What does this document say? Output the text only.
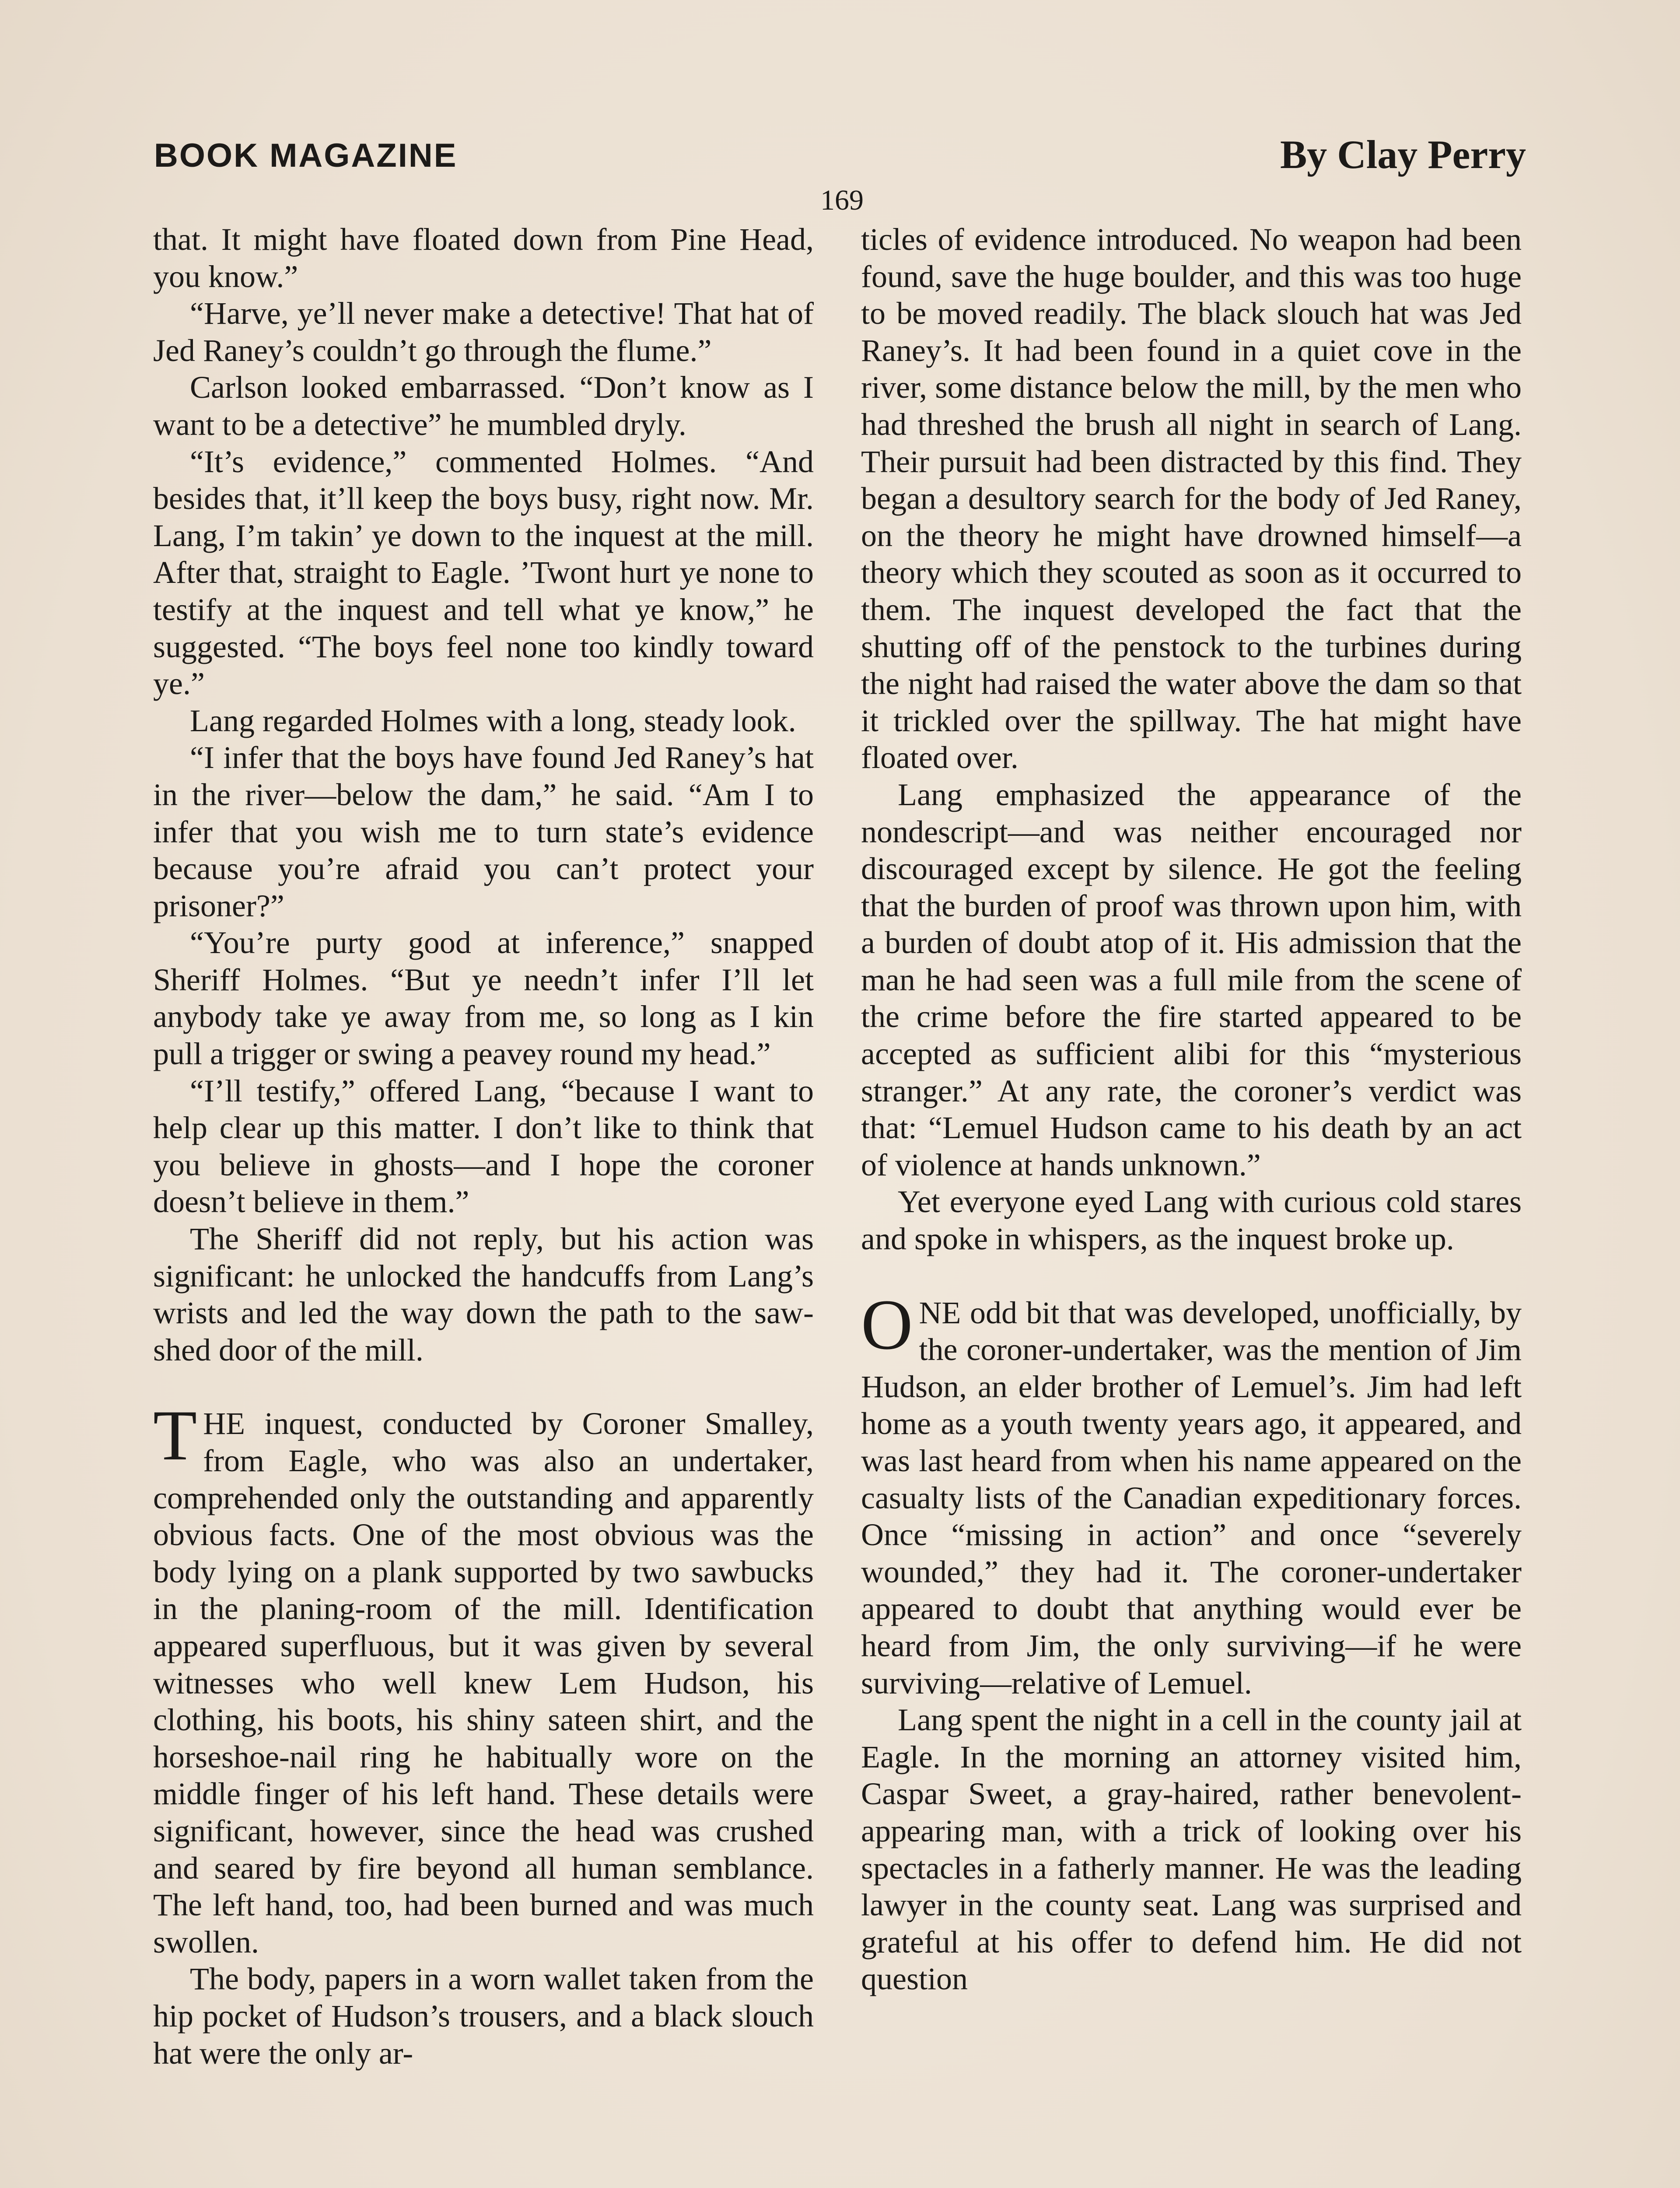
BOOK MAGAZINE	By Clay Perry
169

that. It might have floated down from Pine Head, you know.”

“Harve, ye’ll never make a detective! That hat of Jed Raney’s couldn’t go through the flume.”

Carlson looked embarrassed. “Don’t know as I want to be a detective” he mumbled dryly.

“It’s evidence,” commented Holmes. “And besides that, it’ll keep the boys busy, right now. Mr. Lang, I’m takin’ ye down to the inquest at the mill. After that, straight to Eagle. ’Twont hurt ye none to testify at the inquest and tell what ye know,” he suggested. “The boys feel none too kindly toward ye.”

Lang regarded Holmes with a long, steady look.

“I infer that the boys have found Jed Raney’s hat in the river—below the dam,” he said. “Am I to infer that you wish me to turn state’s evidence because you’re afraid you can’t protect your prisoner?”

“You’re purty good at inference,” snapped Sheriff Holmes. “But ye needn’t infer I’ll let anybody take ye away from me, so long as I kin pull a trigger or swing a peavey round my head.”

“I’ll testify,” offered Lang, “because I want to help clear up this matter. I don’t like to think that you believe in ghosts—and I hope the coroner doesn’t believe in them.”

The Sheriff did not reply, but his action was significant: he unlocked the handcuffs from Lang’s wrists and led the way down the path to the saw-shed door of the mill.

THE inquest, conducted by Coroner Smalley, from Eagle, who was also an undertaker, comprehended only the outstanding and apparently obvious facts. One of the most obvious was the body lying on a plank supported by two sawbucks in the planing-room of the mill. Identification appeared superfluous, but it was given by several witnesses who well knew Lem Hudson, his clothing, his boots, his shiny sateen shirt, and the horseshoe-nail ring he habitually wore on the middle finger of his left hand. These details were significant, however, since the head was crushed and seared by fire beyond all human semblance. The left hand, too, had been burned and was much swollen.

The body, papers in a worn wallet taken from the hip pocket of Hudson’s trousers, and a black slouch hat were the only ar-

ticles of evidence introduced. No weapon had been found, save the huge boulder, and this was too huge to be moved readily. The black slouch hat was Jed Raney’s. It had been found in a quiet cove in the river, some distance below the mill, by the men who had threshed the brush all night in search of Lang. Their pursuit had been distracted by this find. They began a desultory search for the body of Jed Raney, on the theory he might have drowned himself—a theory which they scouted as soon as it occurred to them. The inquest developed the fact that the shutting off of the penstock to the turbines during the night had raised the water above the dam so that it trickled over the spillway. The hat might have floated over.

Lang emphasized the appearance of the nondescript—and was neither encouraged nor discouraged except by silence. He got the feeling that the burden of proof was thrown upon him, with a burden of doubt atop of it. His admission that the man he had seen was a full mile from the scene of the crime before the fire started appeared to be accepted as sufficient alibi for this “mysterious stranger.” At any rate, the coroner’s verdict was that: “Lemuel Hudson came to his death by an act of violence at hands unknown.”

Yet everyone eyed Lang with curious cold stares and spoke in whispers, as the inquest broke up.

ONE odd bit that was developed, unofficially, by the coroner-undertaker, was the mention of Jim Hudson, an elder brother of Lemuel’s. Jim had left home as a youth twenty years ago, it appeared, and was last heard from when his name appeared on the casualty lists of the Canadian expeditionary forces. Once “missing in action” and once “severely wounded,” they had it. The coroner-undertaker appeared to doubt that anything would ever be heard from Jim, the only surviving—if he were surviving—relative of Lemuel.

Lang spent the night in a cell in the county jail at Eagle. In the morning an attorney visited him, Caspar Sweet, a gray-haired, rather benevolent-appearing man, with a trick of looking over his spectacles in a fatherly manner. He was the leading lawyer in the county seat. Lang was surprised and grateful at his offer to defend him. He did not question
